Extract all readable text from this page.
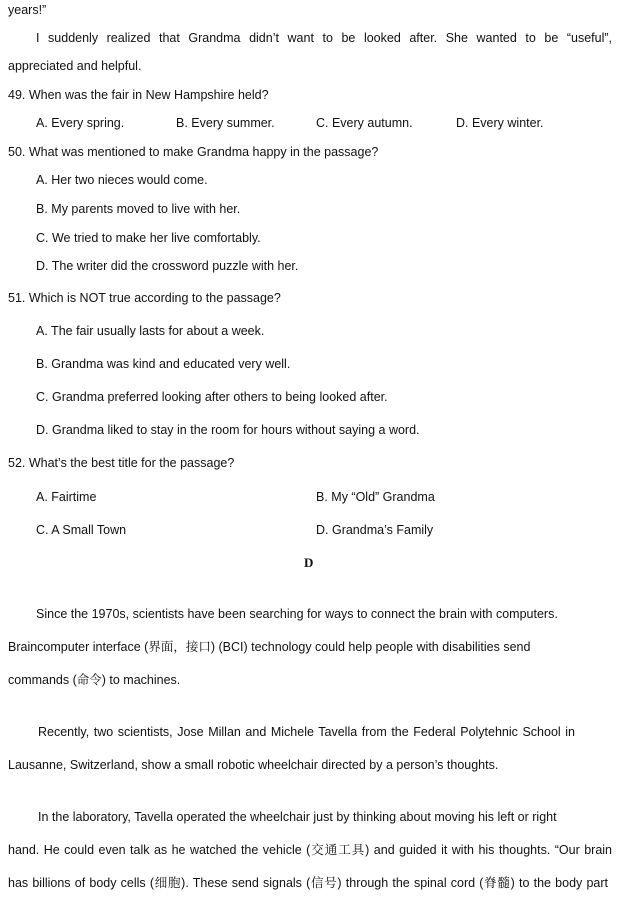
years!”
I suddenly realized that Grandma didn’t want to be looked after. She wanted to be “useful”,
appreciated and helpful.
49. When was the fair in New Hampshire held?
A. Every spring.	B. Every summer.	C. Every autumn.	D. Every winter.
50. What was mentioned to make Grandma happy in the passage?
A. Her two nieces would come.
B. My parents moved to live with her.
C. We tried to make her live comfortably.
D. The writer did the crossword puzzle with her.
51. Which is NOT true according to the passage?
A. The fair usually lasts for about a week.
B. Grandma was kind and educated very well.
C. Grandma preferred looking after others to being looked after.
D. Grandma liked to stay in the room for hours without saying a word.
52. What’s the best title for the passage?
A. Fairtime	B. My “Old” Grandma
C. A Small Town	D. Grandma’s Family
D
Since the 1970s, scientists have been searching for ways to connect the brain with computers.
Braincomputer interface (界面，接口) (BCI) technology could help people with disabilities send
commands (命令) to machines.
Recently, two scientists, Jose Millan and Michele Tavella from the Federal Polytehnic School in
Lausanne, Switzerland, show a small robotic wheelchair directed by a person’s thoughts.
In the laboratory, Tavella operated the wheelchair just by thinking about moving his left or right
hand. He could even talk as he watched the vehicle (交通工具) and guided it with his thoughts. “Our brain
has billions of body cells (细胞). These send signals (信号) through the spinal cord (脊髓) to the body part
